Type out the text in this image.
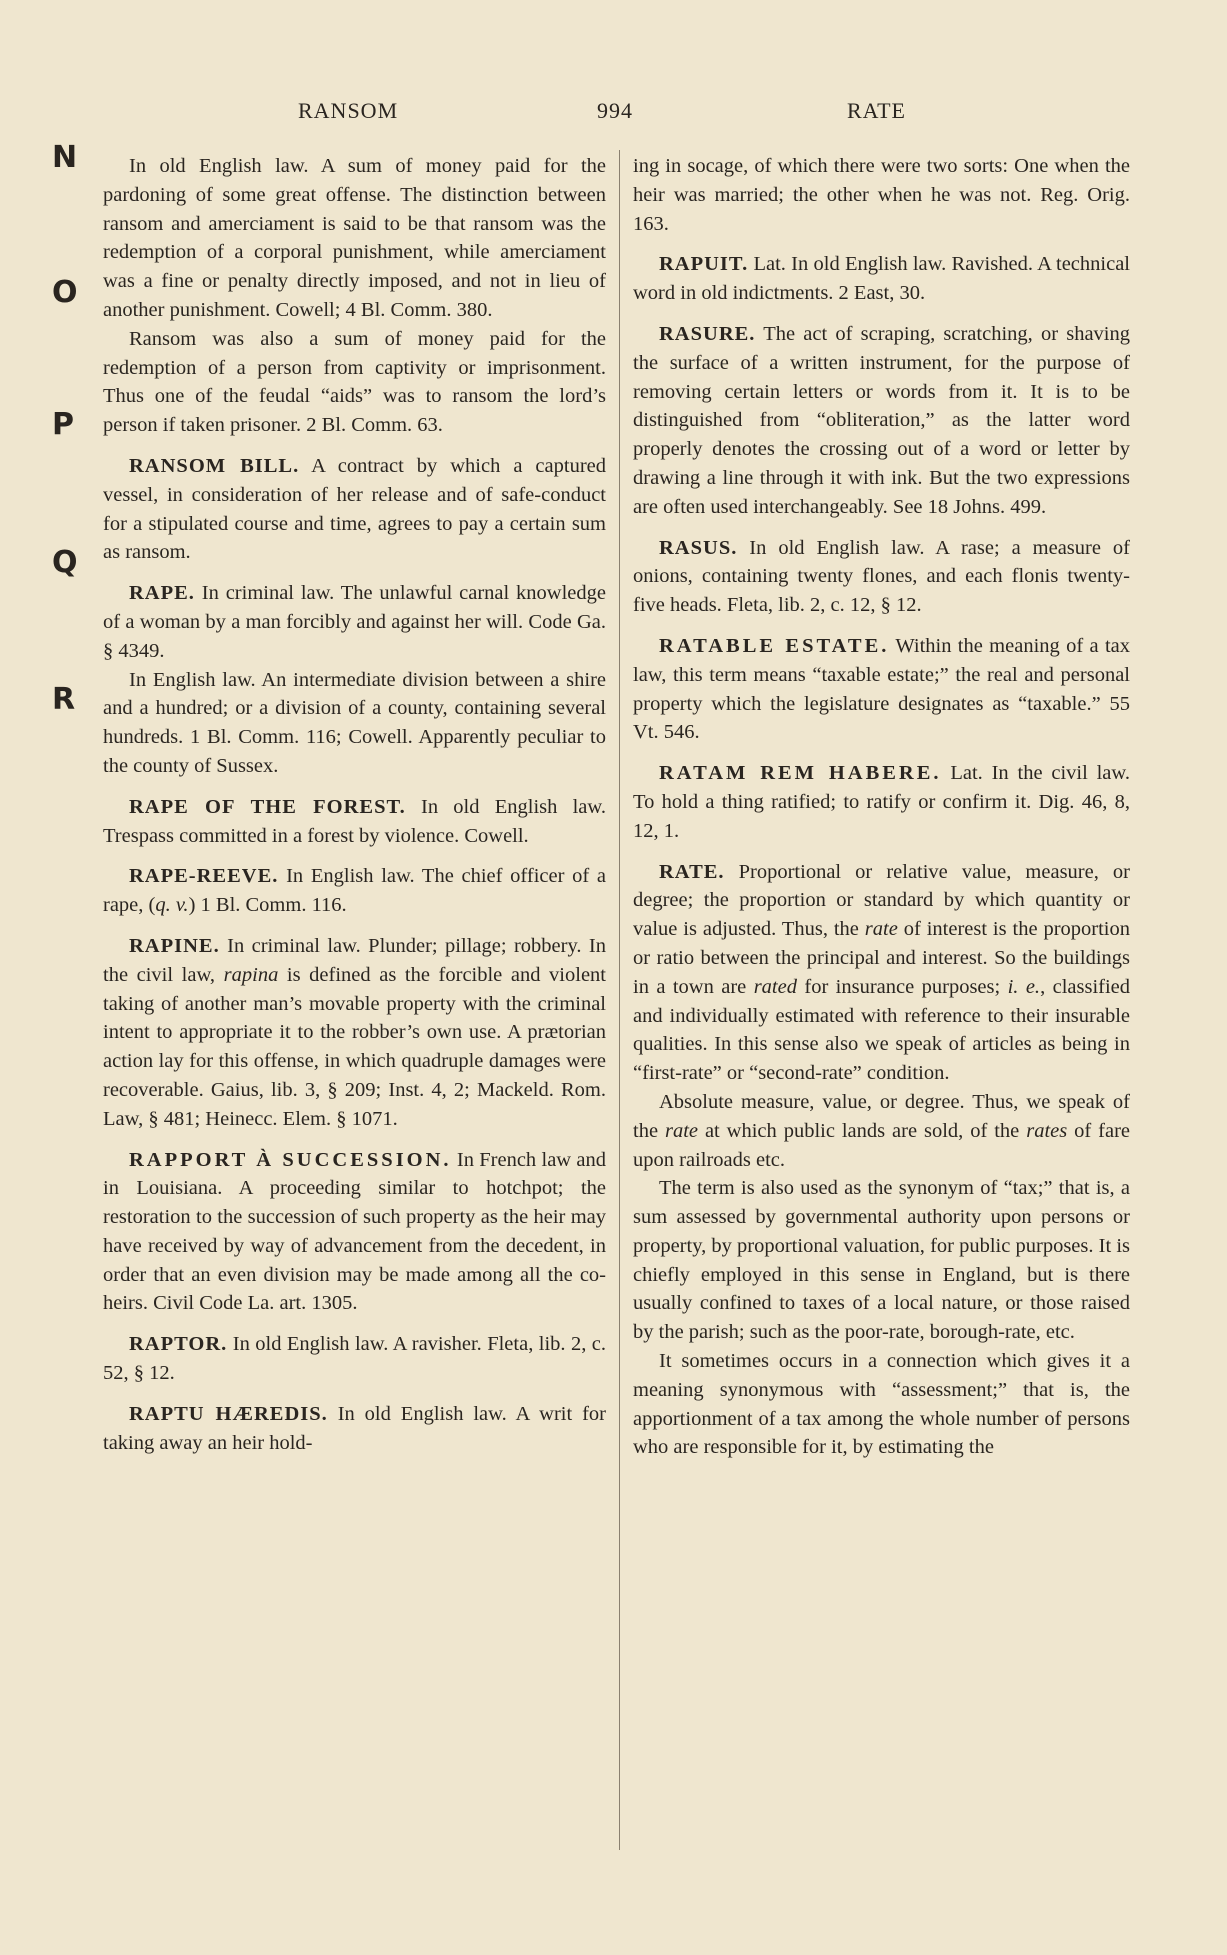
RANSOM	994	RATE
N
O
P
Q
R

In old English law. A sum of money paid for the pardoning of some great offense. The distinction between ransom and amerciament is said to be that ransom was the redemption of a corporal punishment, while amerciament was a fine or penalty directly imposed, and not in lieu of another punishment. Cowell; 4 Bl. Comm. 380.

Ransom was also a sum of money paid for the redemption of a person from captivity or imprisonment. Thus one of the feudal “aids” was to ransom the lord’s person if taken prisoner. 2 Bl. Comm. 63.

RANSOM BILL. A contract by which a captured vessel, in consideration of her release and of safe-conduct for a stipulated course and time, agrees to pay a certain sum as ransom.

RAPE. In criminal law. The unlawful carnal knowledge of a woman by a man forcibly and against her will. Code Ga. § 4349.

In English law. An intermediate division between a shire and a hundred; or a division of a county, containing several hundreds. 1 Bl. Comm. 116; Cowell. Apparently peculiar to the county of Sussex.

RAPE OF THE FOREST. In old English law. Trespass committed in a forest by violence. Cowell.

RAPE-REEVE. In English law. The chief officer of a rape, (q. v.) 1 Bl. Comm. 116.

RAPINE. In criminal law. Plunder; pillage; robbery. In the civil law, rapina is defined as the forcible and violent taking of another man’s movable property with the criminal intent to appropriate it to the robber’s own use. A prætorian action lay for this offense, in which quadruple damages were recoverable. Gaius, lib. 3, § 209; Inst. 4, 2; Mackeld. Rom. Law, § 481; Heinecc. Elem. § 1071.

RAPPORT À SUCCESSION. In French law and in Louisiana. A proceeding similar to hotchpot; the restoration to the succession of such property as the heir may have received by way of advancement from the decedent, in order that an even division may be made among all the co-heirs. Civil Code La. art. 1305.

RAPTOR. In old English law. A ravisher. Fleta, lib. 2, c. 52, § 12.

RAPTU HÆREDIS. In old English law. A writ for taking away an heir hold-

ing in socage, of which there were two sorts: One when the heir was married; the other when he was not. Reg. Orig. 163.

RAPUIT. Lat. In old English law. Ravished. A technical word in old indictments. 2 East, 30.

RASURE. The act of scraping, scratching, or shaving the surface of a written instrument, for the purpose of removing certain letters or words from it. It is to be distinguished from “obliteration,” as the latter word properly denotes the crossing out of a word or letter by drawing a line through it with ink. But the two expressions are often used interchangeably. See 18 Johns. 499.

RASUS. In old English law. A rase; a measure of onions, containing twenty flones, and each flonis twenty-five heads. Fleta, lib. 2, c. 12, § 12.

RATABLE ESTATE. Within the meaning of a tax law, this term means “taxable estate;” the real and personal property which the legislature designates as “taxable.” 55 Vt. 546.

RATAM REM HABERE. Lat. In the civil law. To hold a thing ratified; to ratify or confirm it. Dig. 46, 8, 12, 1.

RATE. Proportional or relative value, measure, or degree; the proportion or standard by which quantity or value is adjusted. Thus, the rate of interest is the proportion or ratio between the principal and interest. So the buildings in a town are rated for insurance purposes; i. e., classified and individually estimated with reference to their insurable qualities. In this sense also we speak of articles as being in “first-rate” or “second-rate” condition.

Absolute measure, value, or degree. Thus, we speak of the rate at which public lands are sold, of the rates of fare upon railroads etc.

The term is also used as the synonym of “tax;” that is, a sum assessed by governmental authority upon persons or property, by proportional valuation, for public purposes. It is chiefly employed in this sense in England, but is there usually confined to taxes of a local nature, or those raised by the parish; such as the poor-rate, borough-rate, etc.

It sometimes occurs in a connection which gives it a meaning synonymous with “assessment;” that is, the apportionment of a tax among the whole number of persons who are responsible for it, by estimating the
